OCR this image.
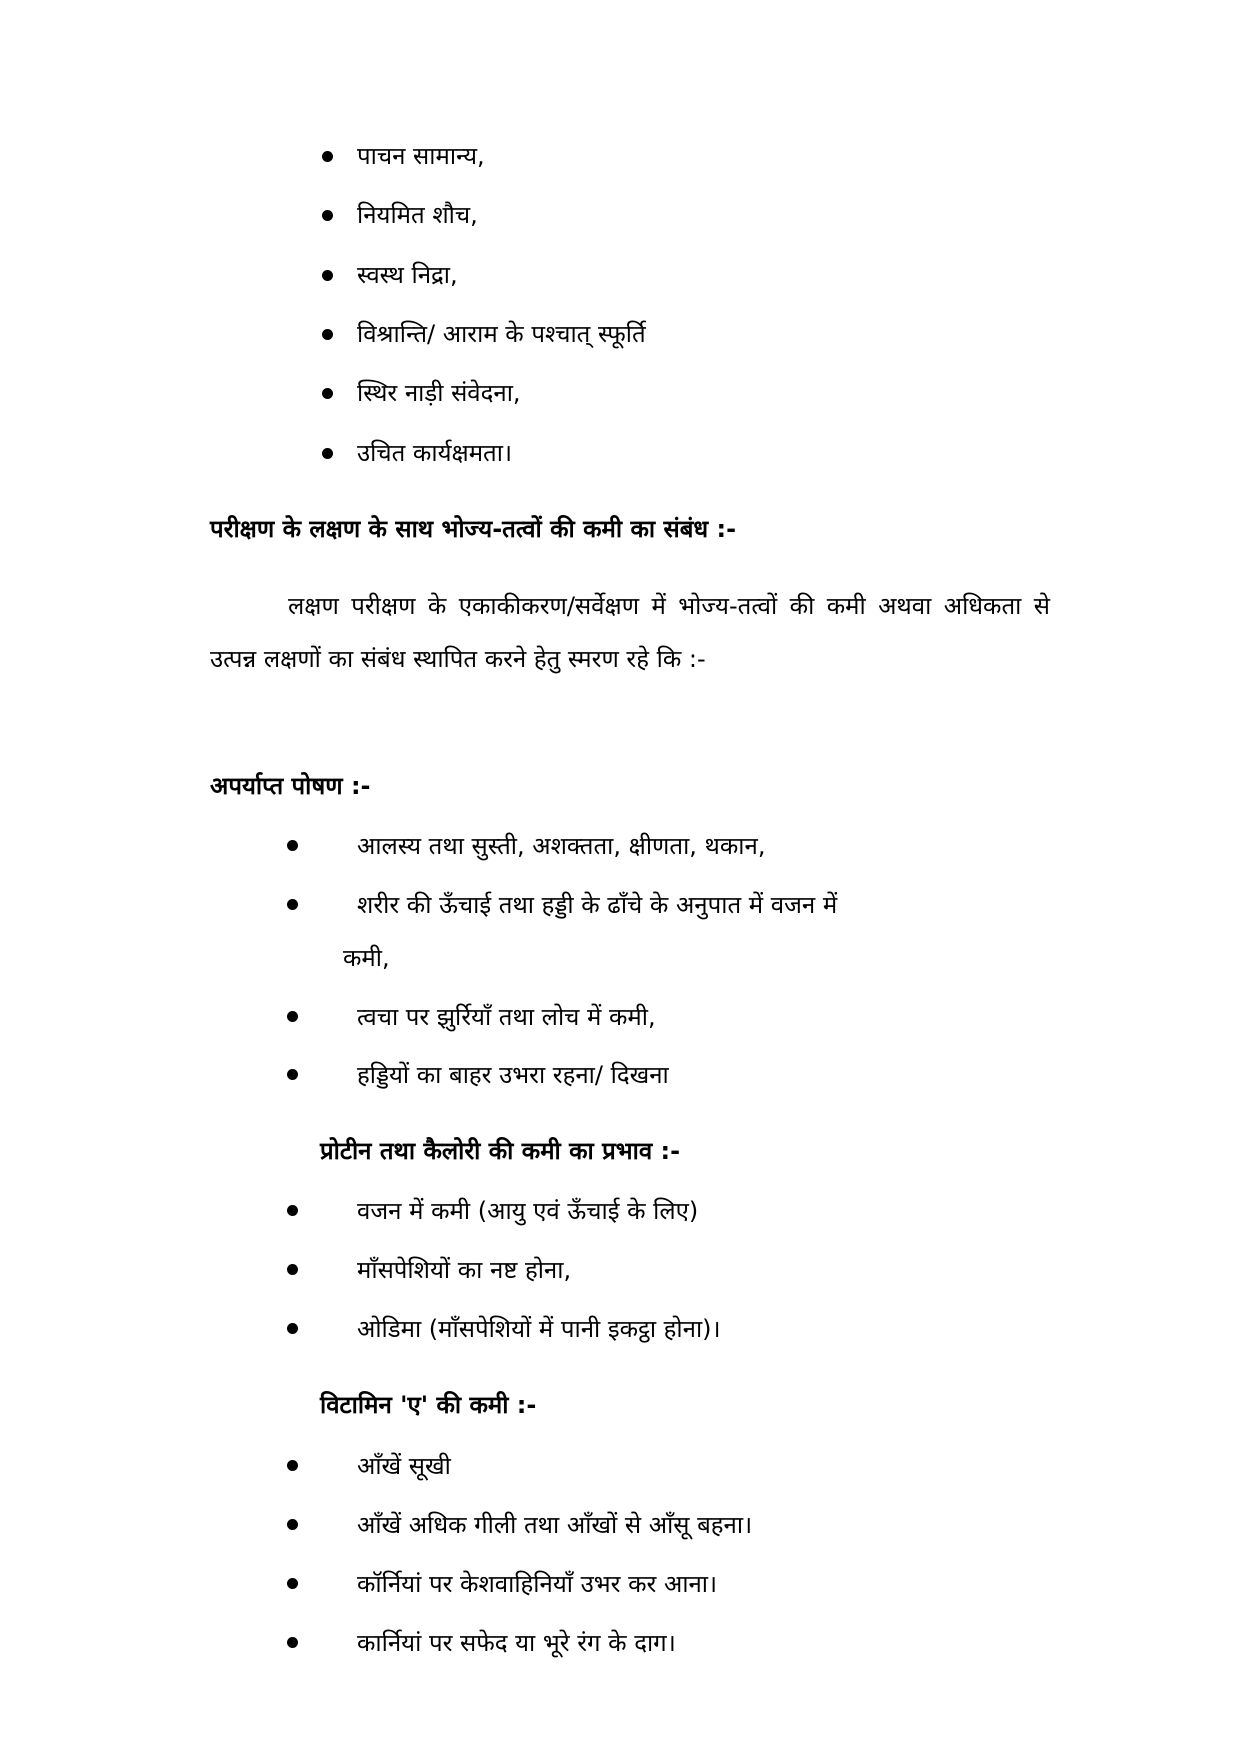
पाचन सामान्य,
नियमित शौच,
स्वस्थ निद्रा,
विश्रान्ति/ आराम के पश्चात् स्फूर्ति
स्थिर नाड़ी संवेदना,
उचित कार्यक्षमता।
परीक्षण के लक्षण के साथ भोज्य-तत्वों की कमी का संबंध :-
लक्षण परीक्षण के एकाकीकरण/सर्वेक्षण में भोज्य-तत्वों की कमी अथवा अधिकता से उत्पन्न लक्षणों का संबंध स्थापित करने हेतु स्मरण रहे कि :-
अपर्याप्त पोषण :-
आलस्य तथा सुस्ती, अशक्तता, क्षीणता, थकान,
शरीर की ऊँचाई तथा हड्डी के ढाँचे के अनुपात में वजन में
कमी,
त्वचा पर झुर्रियाँ तथा लोच में कमी,
हड्डियों का बाहर उभरा रहना/ दिखना
प्रोटीन तथा कैलोरी की कमी का प्रभाव :-
वजन में कमी (आयु एवं ऊँचाई के लिए)
माँसपेशियों का नष्ट होना,
ओडिमा (माँसपेशियों में पानी इकट्ठा होना)।
विटामिन 'ए' की कमी :-
आँखें सूखी
आँखें अधिक गीली तथा आँखों से आँसू बहना।
कॉर्नियां पर केशवाहिनियाँ उभर कर आना।
कार्नियां पर सफेद या भूरे रंग के दाग।
